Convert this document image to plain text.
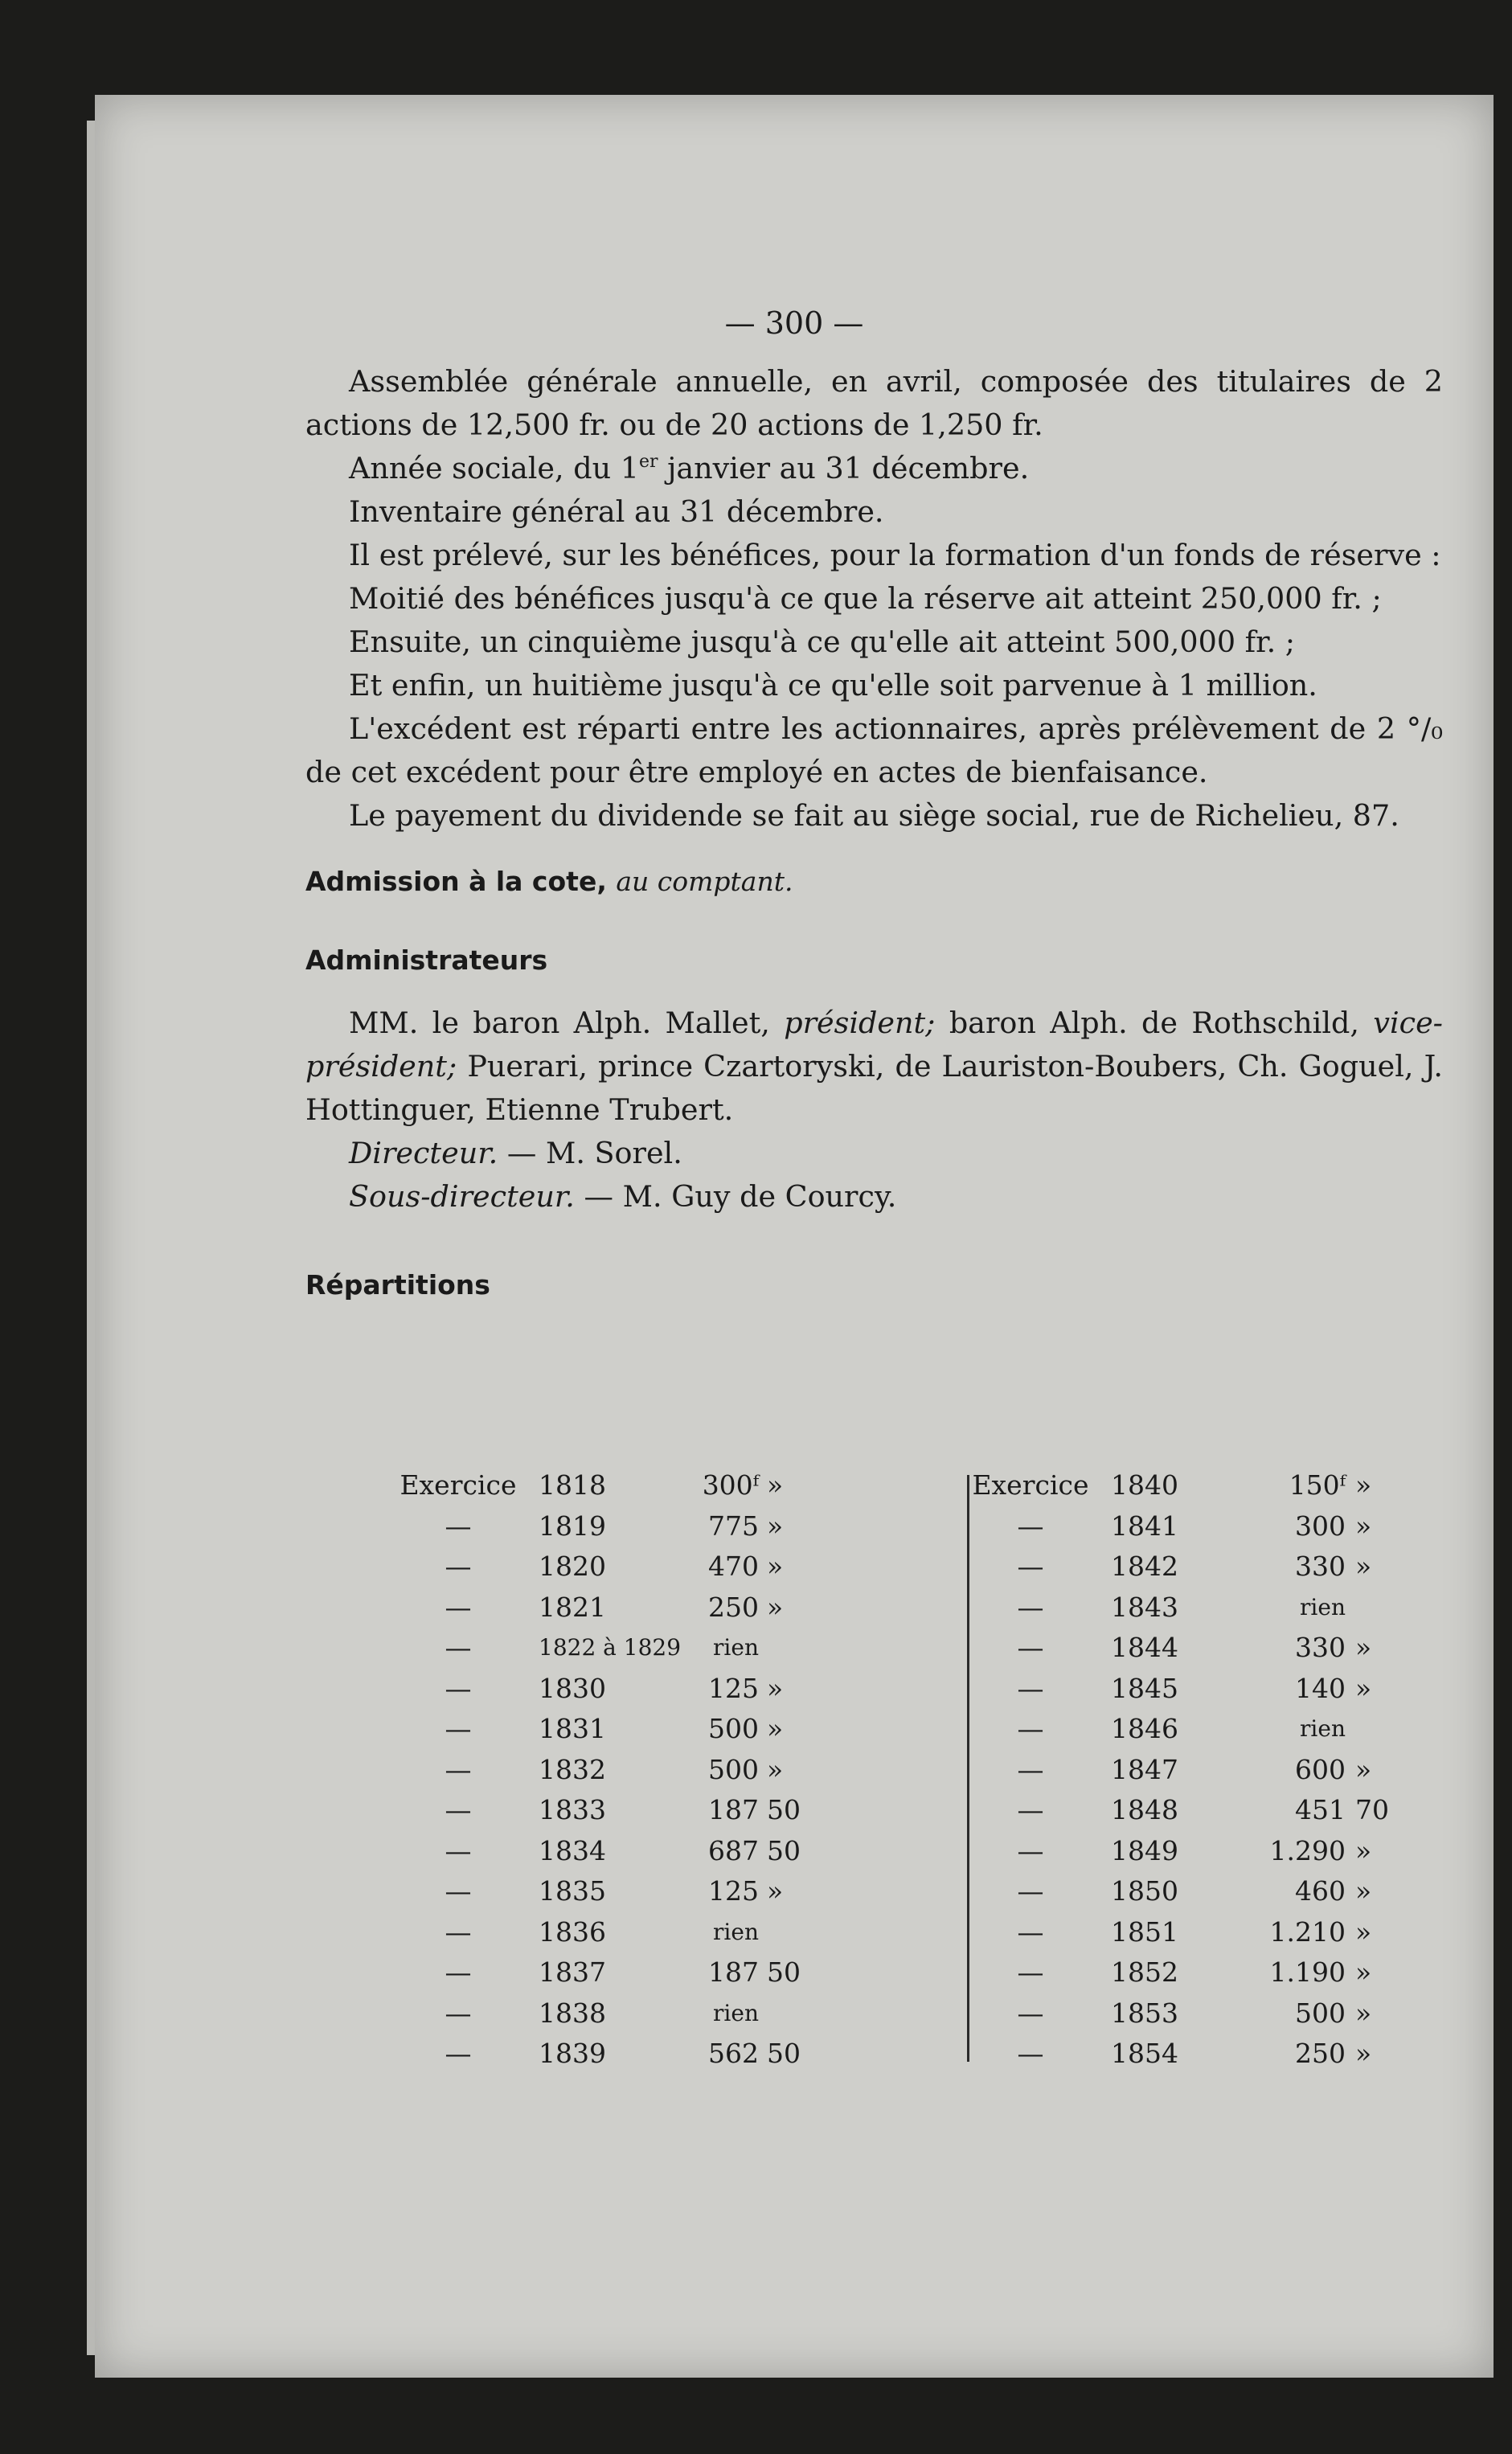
— 300 —

Assemblée générale annuelle, en avril, composée des titulaires de 2 actions de 12,500 fr. ou de 20 actions de 1,250 fr.

Année sociale, du 1er janvier au 31 décembre.

Inventaire général au 31 décembre.

Il est prélevé, sur les bénéfices, pour la formation d'un fonds de réserve :

Moitié des bénéfices jusqu'à ce que la réserve ait atteint 250,000 fr. ;

Ensuite, un cinquième jusqu'à ce qu'elle ait atteint 500,000 fr. ;

Et enfin, un huitième jusqu'à ce qu'elle soit parvenue à 1 million.

L'excédent est réparti entre les actionnaires, après prélèvement de 2 °/₀ de cet excédent pour être employé en actes de bienfaisance.

Le payement du dividende se fait au siège social, rue de Richelieu, 87.

Admission à la cote, au comptant.

Administrateurs

MM. le baron Alph. Mallet, président; baron Alph. de Rothschild, vice-président; Puerari, prince Czartoryski, de Lauriston-Boubers, Ch. Goguel, J. Hottinguer, Etienne Trubert.

Directeur. — M. Sorel.

Sous-directeur. — M. Guy de Courcy.

Répartitions

Exercice 1818	300ᶠ »
—	1819	775 »
—	1820	470 »
—	1821	250 »
—	1822 à 1829	rien
—	1830	125 »
—	1831	500 »
—	1832	500 »
—	1833	187 50
—	1834	687 50
—	1835	125 »
—	1836	rien
—	1837	187 50
—	1838	rien
—	1839	562 50
Exercice 1840	150ᶠ »
—	1841	300 »
—	1842	330 »
—	1843	rien
—	1844	330 »
—	1845	140 »
—	1846	rien
—	1847	600 »
—	1848	451 70
—	1849	1.290 »
—	1850	460 »
—	1851	1.210 »
—	1852	1.190 »
—	1853	500 »
—	1854	250 »
